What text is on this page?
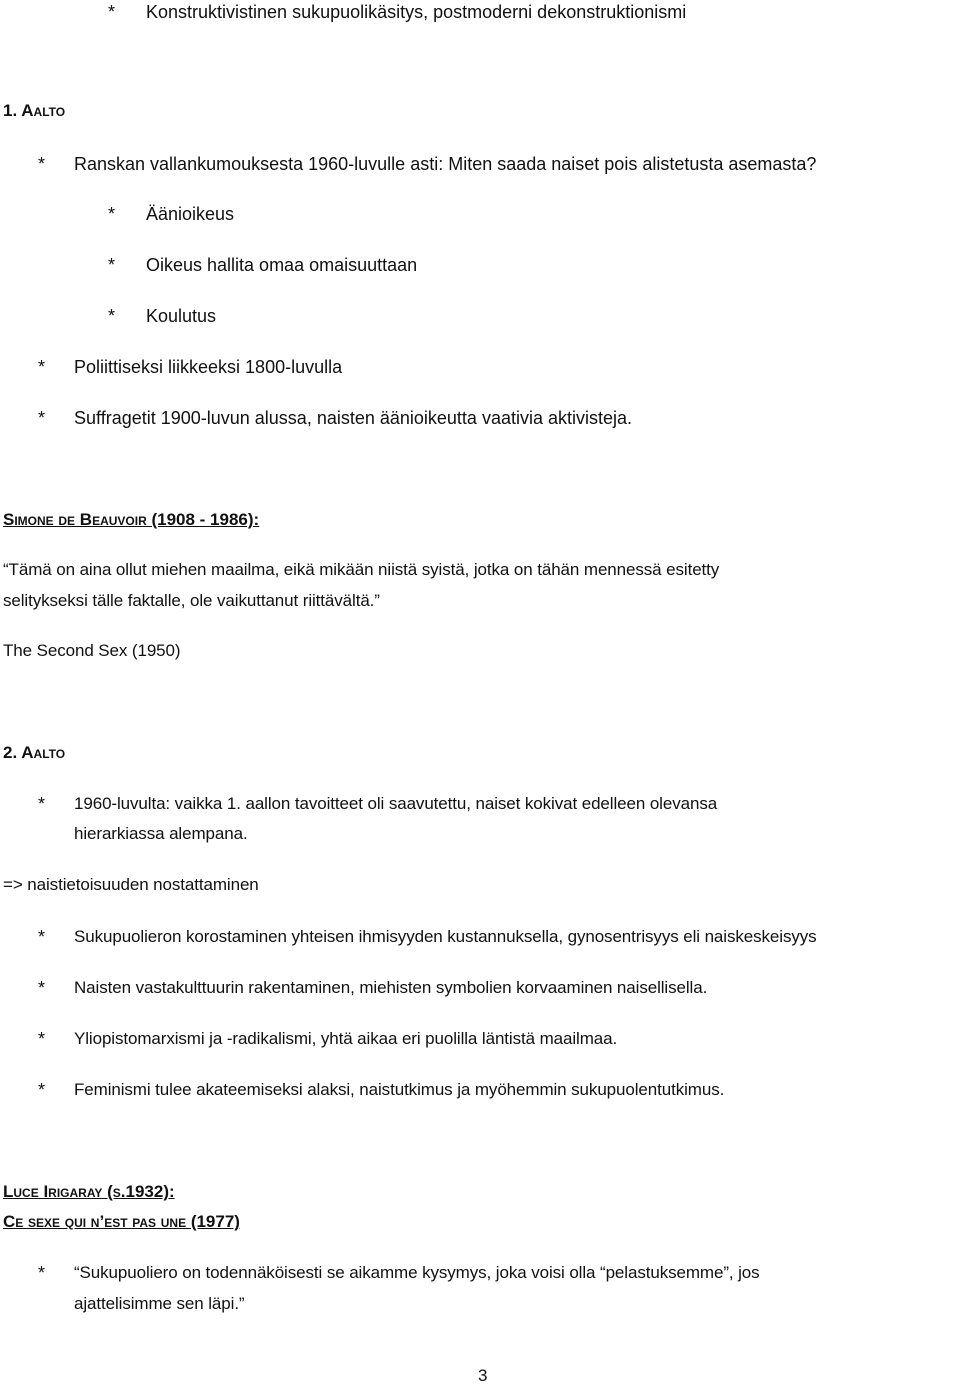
* Konstruktivistinen sukupuolikäsitys, postmoderni dekonstruktionismi
1. Aalto
* Ranskan vallankumouksesta 1960-luvulle asti: Miten saada naiset pois alistetusta asemasta?
* Äänioikeus
* Oikeus hallita omaa omaisuuttaan
* Koulutus
* Poliittiseksi liikkeeksi 1800-luvulla
* Suffragetit 1900-luvun alussa, naisten äänioikeutta vaativia aktivisteja.
Simone de Beauvoir (1908 - 1986):
“Tämä on aina ollut miehen maailma, eikä mikään niistä syistä, jotka on tähän mennessä esitetty
selitykseksi tälle faktalle, ole vaikuttanut riittävältä.”
The Second Sex (1950)
2. Aalto
* 1960-luvulta: vaikka 1. aallon tavoitteet oli saavutettu, naiset kokivat edelleen olevansa
hierarkiassa alempana.
=> naistietoisuuden nostattaminen
* Sukupuolieron korostaminen yhteisen ihmisyyden kustannuksella, gynosentrisyys eli naiskeskeisyys
* Naisten vastakulttuurin rakentaminen, miehisten symbolien korvaaminen naisellisella.
* Yliopistomarxismi ja -radikalismi, yhtä aikaa eri puolilla läntistä maailmaa.
* Feminismi tulee akateemiseksi alaksi, naistutkimus ja myöhemmin sukupuolentutkimus.
Luce Irigaray (s.1932):
Ce sexe qui n’est pas une (1977)
* “Sukupuoliero on todennäköisesti se aikamme kysymys, joka voisi olla “pelastuksemme”, jos
ajattelisimme sen läpi.”
3
